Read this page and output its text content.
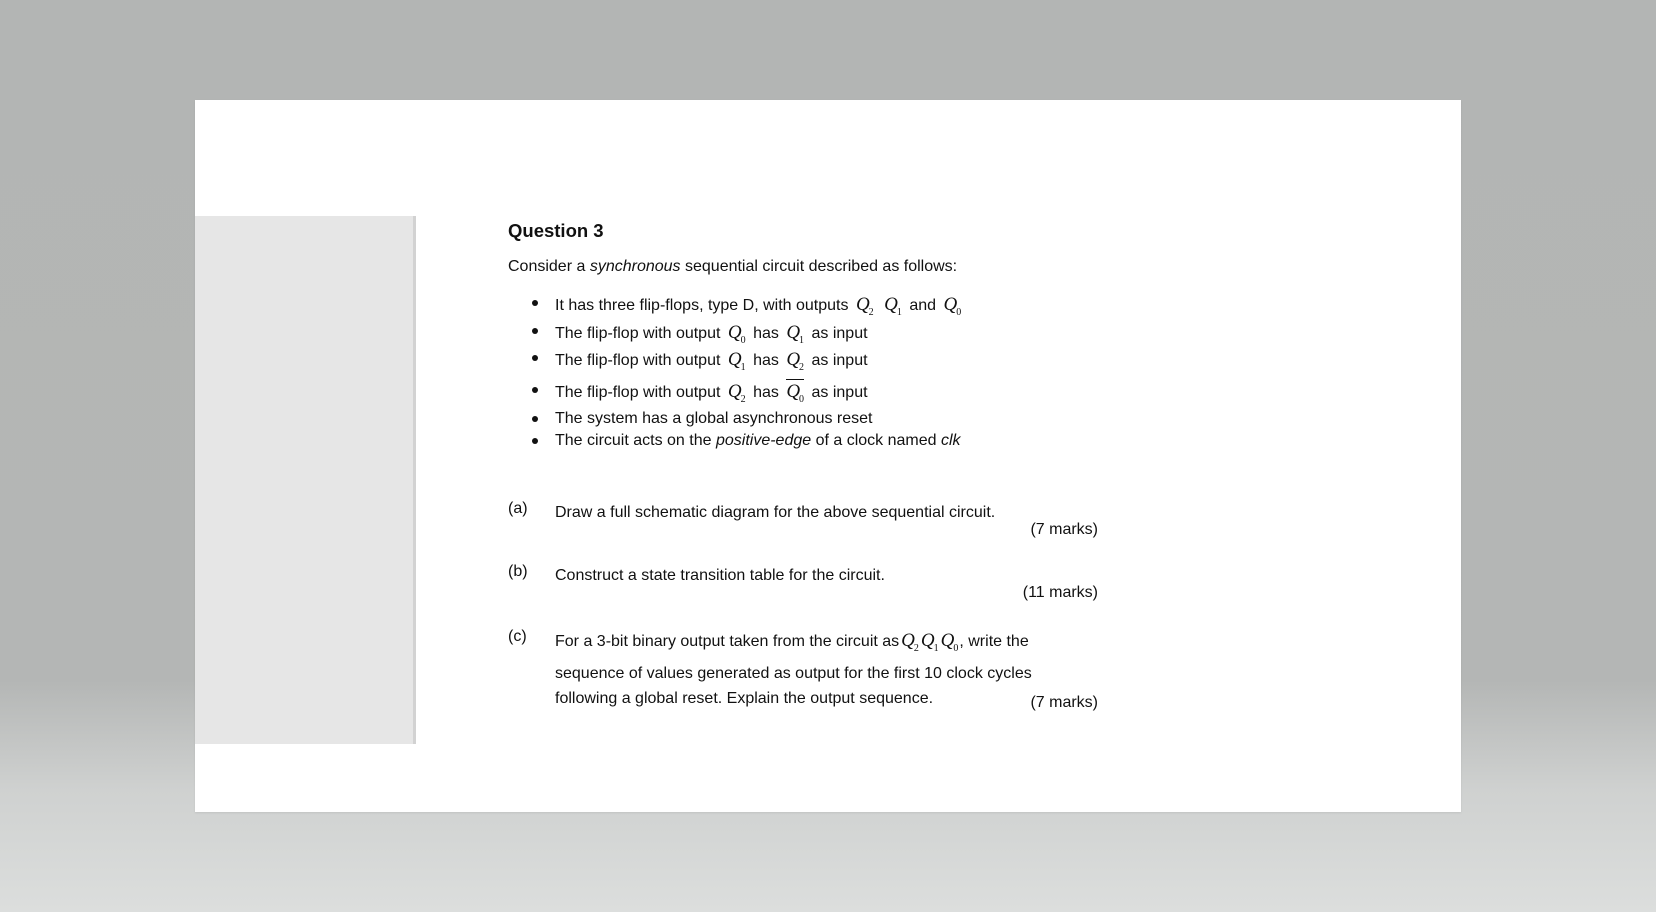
Question 3
Consider a synchronous sequential circuit described as follows:
It has three flip-flops, type D, with outputs $Q_2$ $Q_1$ and $Q_0$
The flip-flop with output $Q_0$ has $Q_1$ as input
The flip-flop with output $Q_1$ has $Q_2$ as input
The flip-flop with output $Q_2$ has $Q_0$ as input
The system has a global asynchronous reset
The circuit acts on the positive-edge of a clock named clk
(a) Draw a full schematic diagram for the above sequential circuit.
(7 marks)
(b) Construct a state transition table for the circuit.
(11 marks)
(c) For a 3-bit binary output taken from the circuit as $Q_2$ $Q_1$ $Q_0$, write the sequence of values generated as output for the first 10 clock cycles following a global reset. Explain the output sequence.	(7 marks)
